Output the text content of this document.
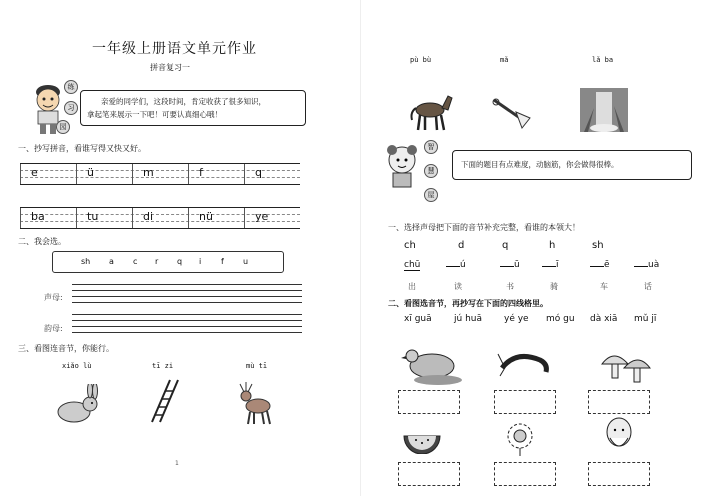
一年级上册语文单元作业
拼音复习一
练
习
园
亲爱的同学们，这段时间，肯定收获了很多知识，
拿起笔来展示一下吧！可要认真细心哦！
一、抄写拼音，看谁写得又快又好。
e	ü	m	f	q
ba	tu	di	nü	ye
二、我会选。
sh a c r q i f u
声母:
韵母:
三、看图连音节，你能行。
xiǎo lù	tī zi	mù tī
1
pù bù	mǎ	lǎ ba
智
慧
屋
下面的题目有点难度，动脑筋，你会做得很棒。
一、选择声母把下面的音节补充完整，看谁的本领大！
ch	d	q	h	sh
chū	ú	ū	ī	ē	uà
出	读	书	骑	车	话
二、看图选音节，再抄写在下面的四线格里。
xī guā jú huā yé ye mó gu dà xiā mǔ jī
